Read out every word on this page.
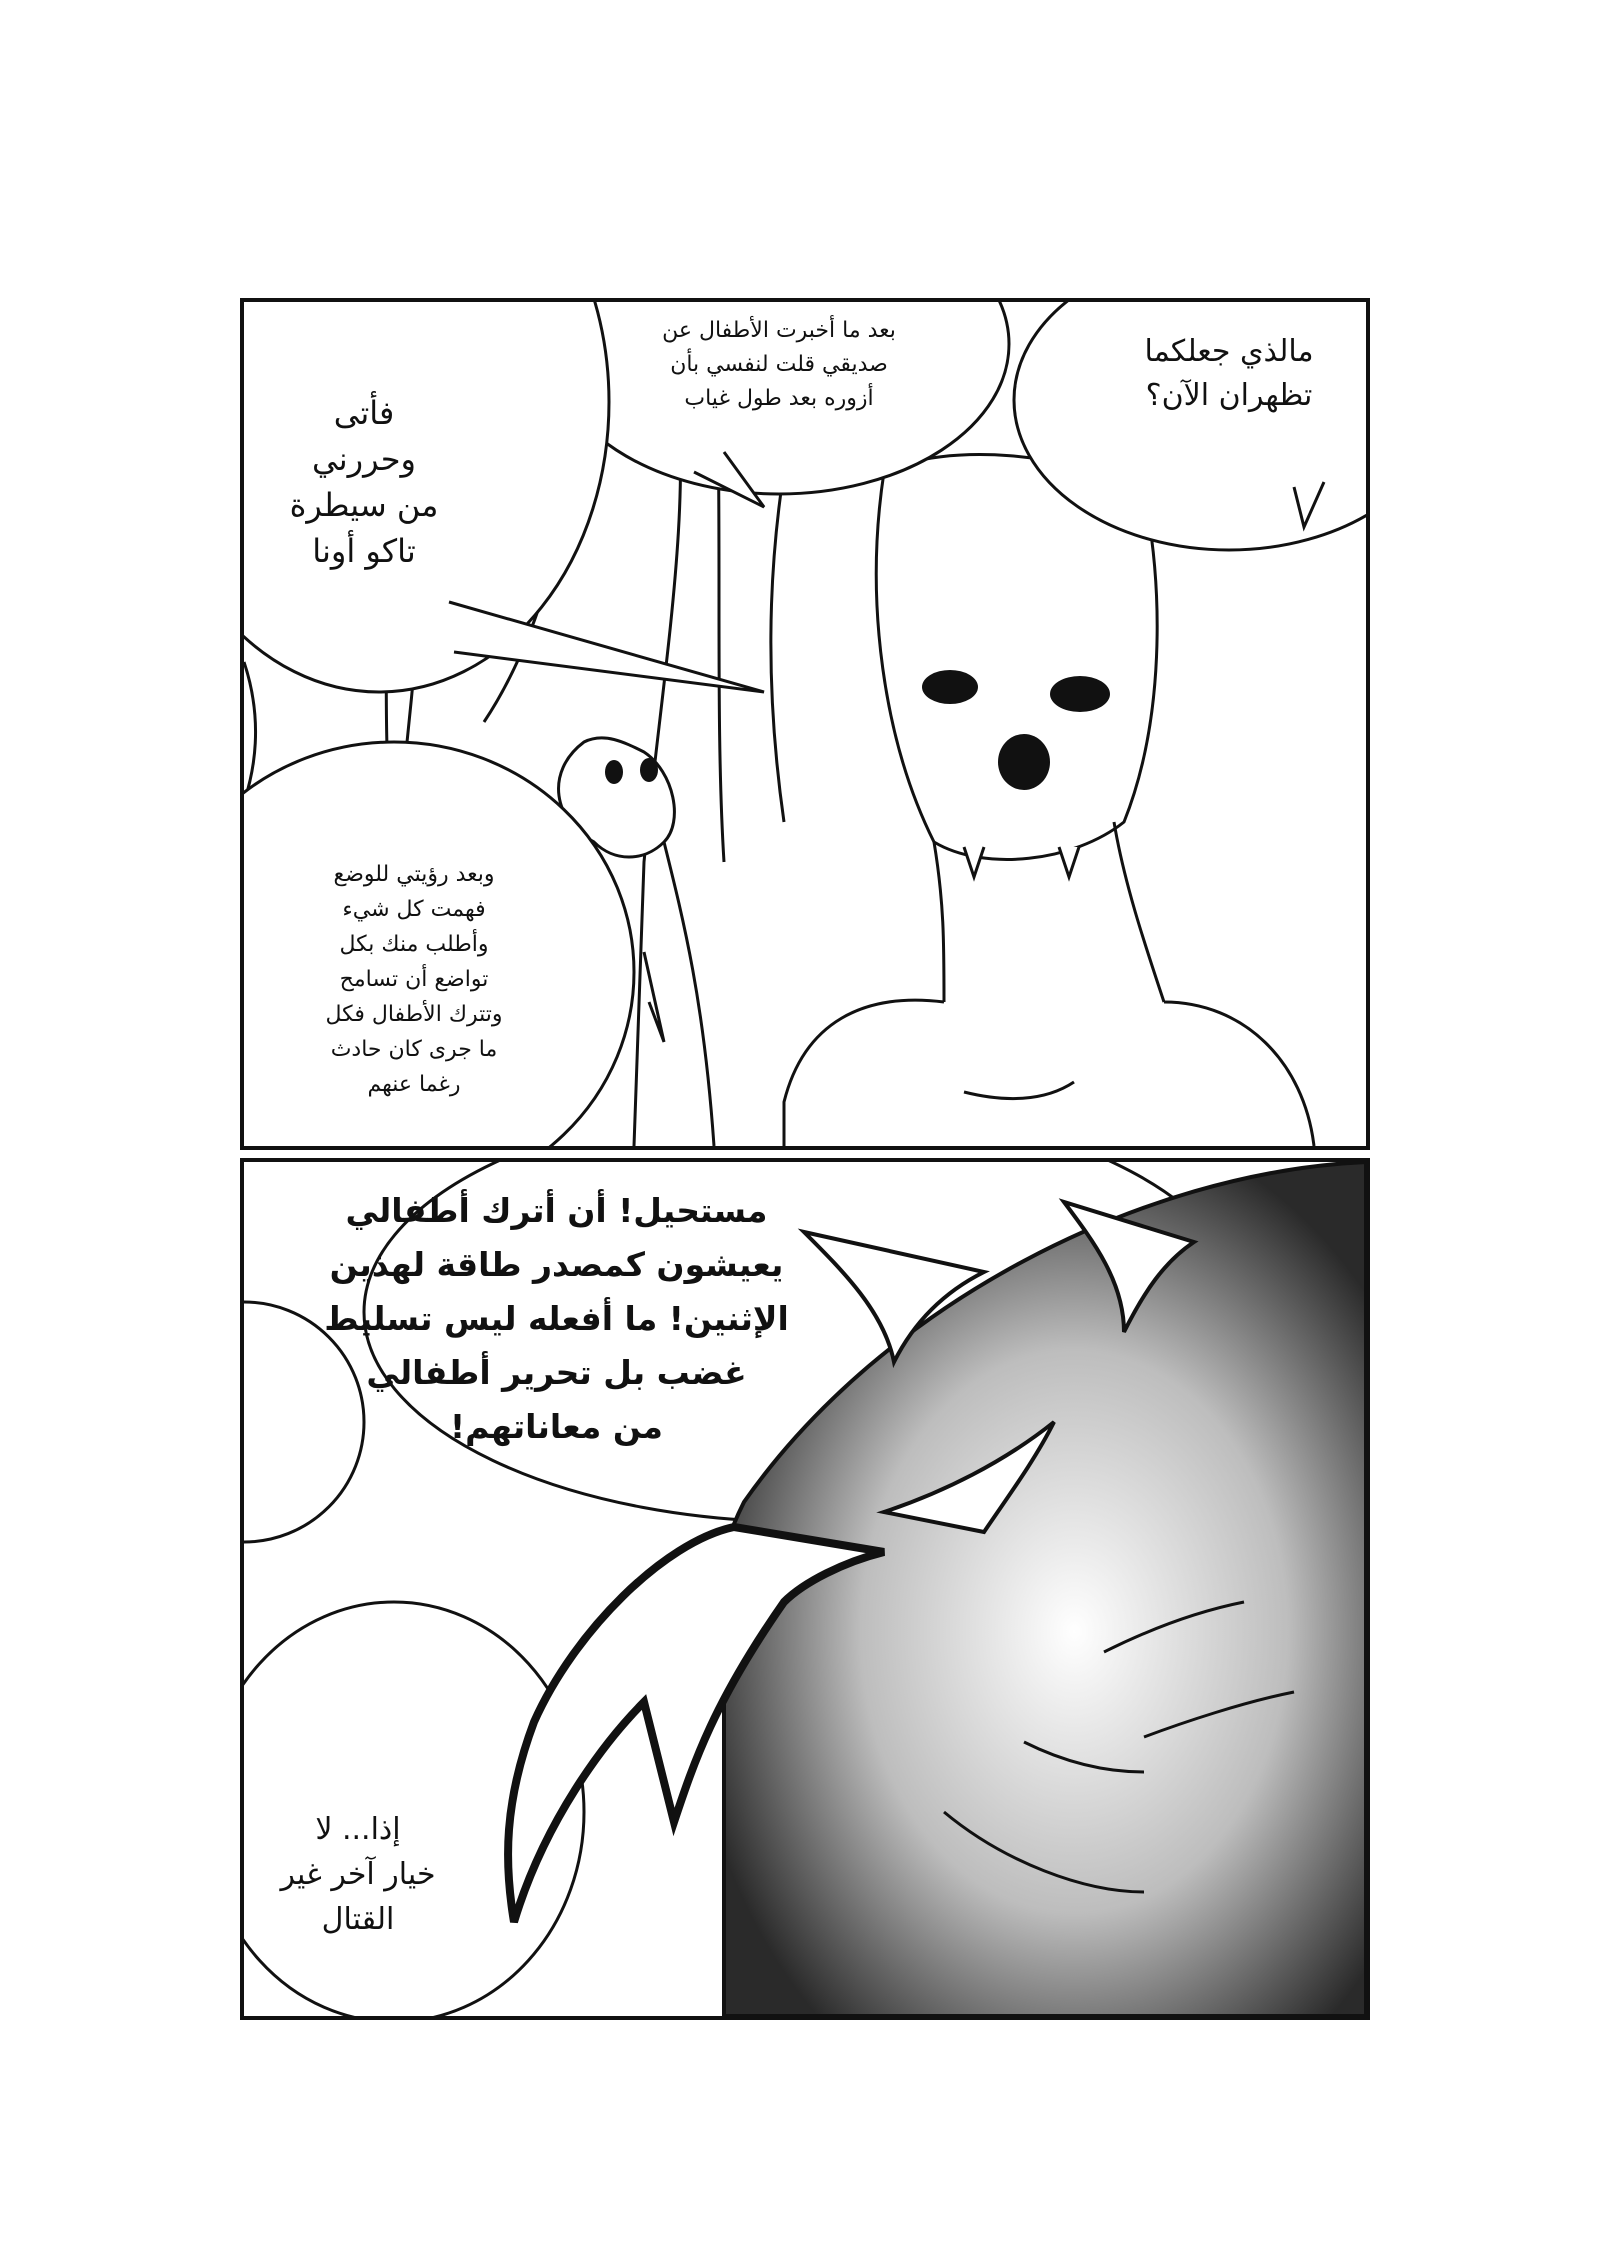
مالذي جعلكما
تظهران الآن؟
بعد ما أخبرت الأطفال عن
صديقي قلت لنفسي بأن
أزوره بعد طول غياب
فأتى
وحررني
من سيطرة
تاكو أونا
وبعد رؤيتي للوضع
فهمت كل شيء
وأطلب منك بكل
تواضع أن تسامح
وتترك الأطفال فكل
ما جرى كان حادث
رغما عنهم
مستحيل! أن أترك أطفالي
يعيشون كمصدر طاقة لهذين
الإثنين! ما أفعله ليس تسليط
غضب بل تحرير أطفالي
من معاناتهم!
إذا... لا
خيار آخر غير
القتال
